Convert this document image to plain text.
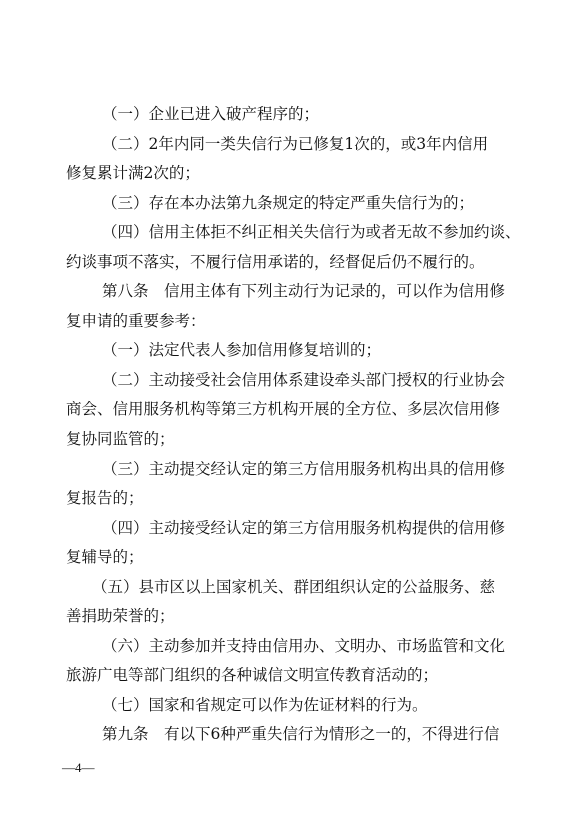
（一）企业已进入破产程序的；
（二）2年内同一类失信行为已修复1次的，或3年内信用
修复累计满2次的；
（三）存在本办法第九条规定的特定严重失信行为的；
（四）信用主体拒不纠正相关失信行为或者无故不参加约谈、
约谈事项不落实，不履行信用承诺的，经督促后仍不履行的。
第八条　信用主体有下列主动行为记录的，可以作为信用修
复申请的重要参考：
（一）法定代表人参加信用修复培训的；
（二）主动接受社会信用体系建设牵头部门授权的行业协会
商会、信用服务机构等第三方机构开展的全方位、多层次信用修
复协同监管的；
（三）主动提交经认定的第三方信用服务机构出具的信用修
复报告的；
（四）主动接受经认定的第三方信用服务机构提供的信用修
复辅导的；
（五）县市区以上国家机关、群团组织认定的公益服务、慈
善捐助荣誉的；
（六）主动参加并支持由信用办、文明办、市场监管和文化
旅游广电等部门组织的各种诚信文明宣传教育活动的；
（七）国家和省规定可以作为佐证材料的行为。
第九条　有以下6种严重失信行为情形之一的，不得进行信
—4—
